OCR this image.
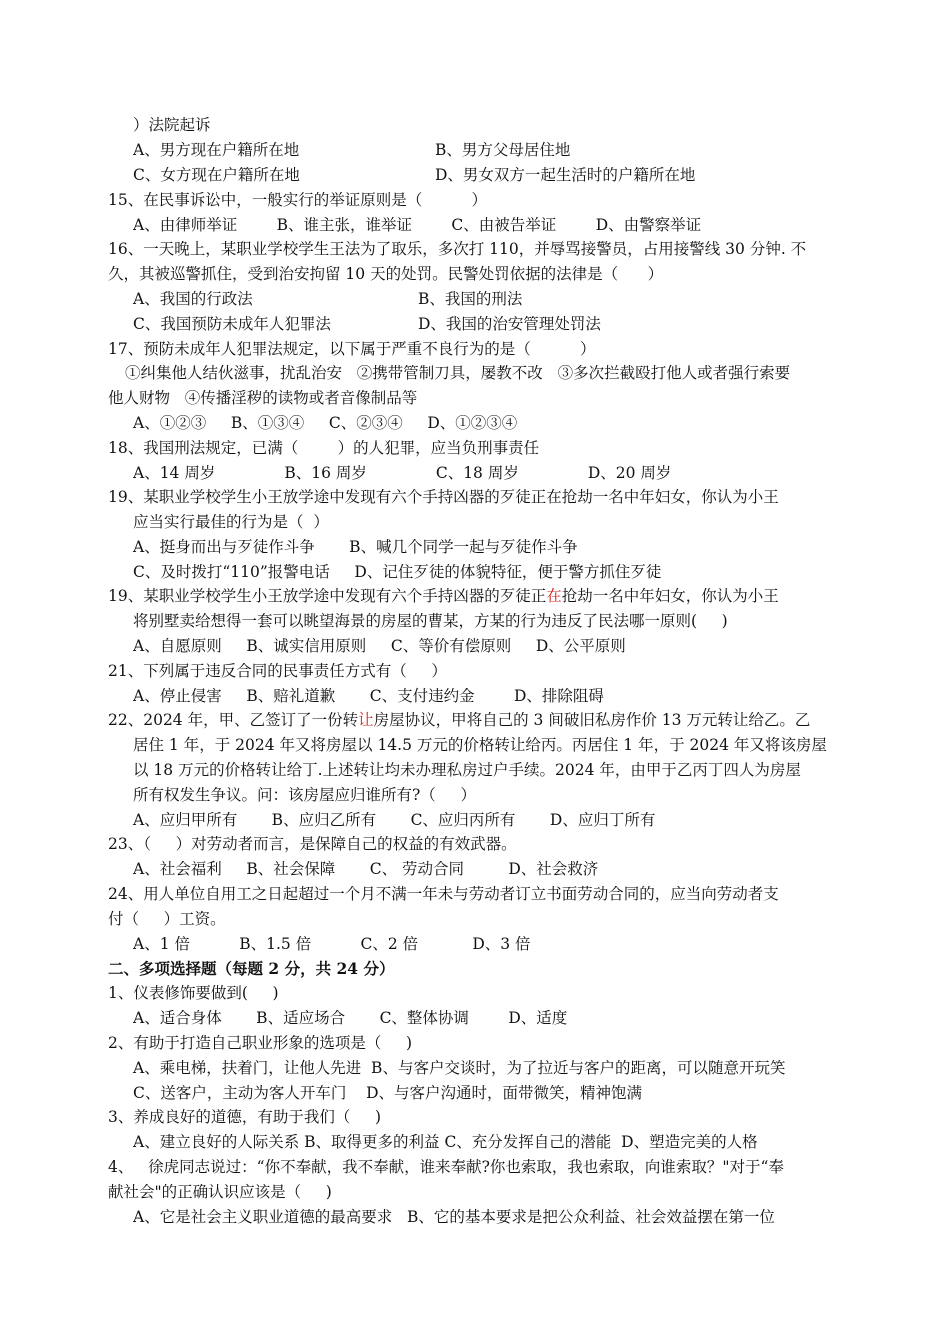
）法院起诉
A、男方现在户籍所在地	B、男方父母居住地
C、女方现在户籍所在地	D、男女双方一起生活时的户籍所在地
15、在民事诉讼中，一般实行的举证原则是（          ）
A、由律师举证        B、谁主张，谁举证        C、由被告举证        D、由警察举证
16、一天晚上，某职业学校学生王法为了取乐，多次打 110，并辱骂接警员，占用接警线 30 分钟. 不
久，其被巡警抓住，受到治安拘留 10 天的处罚。民警处罚依据的法律是（      ）
A、我国的行政法	B、我国的刑法
C、我国预防未成年人犯罪法	D、我国的治安管理处罚法
17、预防未成年人犯罪法规定，以下属于严重不良行为的是（          ）
①纠集他人结伙滋事，扰乱治安   ②携带管制刀具，屡教不改   ③多次拦截殴打他人或者强行索要
他人财物   ④传播淫秽的读物或者音像制品等
A、①②③     B、①③④     C、②③④     D、①②③④
18、我国刑法规定，已满（        ）的人犯罪，应当负刑事责任
A、14 周岁              B、16 周岁              C、18 周岁              D、20 周岁
19、某职业学校学生小王放学途中发现有六个手持凶器的歹徒正在抢劫一名中年妇女，你认为小王
应当实行最佳的行为是（  ）
A、挺身而出与歹徒作斗争       B、喊几个同学一起与歹徒作斗争
C、及时拨打“110”报警电话     D、记住歹徒的体貌特征，便于警方抓住歹徒
19、某职业学校学生小王放学途中发现有六个手持凶器的歹徒正在抢劫一名中年妇女，你认为小王
将别墅卖给想得一套可以眺望海景的房屋的曹某，方某的行为违反了民法哪一原则(     )
A、自愿原则     B、诚实信用原则     C、等价有偿原则     D、公平原则
21、下列属于违反合同的民事责任方式有（     ）
A、停止侵害     B、赔礼道歉       C、支付违约金        D、排除阻碍
22、2024 年，甲、乙签订了一份转让房屋协议，甲将自己的 3 间破旧私房作价 13 万元转让给乙。乙
居住 1 年，于 2024 年又将房屋以 14.5 万元的价格转让给丙。丙居住 1 年，于 2024 年又将该房屋
以 18 万元的价格转让给丁.上述转让均未办理私房过户手续。2024 年，由甲于乙丙丁四人为房屋
所有权发生争议。问：该房屋应归谁所有?（     ）
A、应归甲所有       B、应归乙所有       C、应归丙所有       D、应归丁所有
23、（     ）对劳动者而言，是保障自己的权益的有效武器。
A、社会福利     B、社会保障       C、 劳动合同         D、社会救济
24、用人单位自用工之日起超过一个月不满一年未与劳动者订立书面劳动合同的，应当向劳动者支
付（     ）工资。
A、1 倍          B、1.5 倍          C、2 倍           D、3 倍
二、多项选择题（每题 2 分，共 24 分）
1、仪表修饰要做到(     )
A、适合身体       B、适应场合       C、整体协调        D、适度
2、有助于打造自己职业形象的选项是（     )
A、乘电梯，扶着门，让他人先进  B、与客户交谈时，为了拉近与客户的距离，可以随意开玩笑
C、送客户，主动为客人开车门    D、与客户沟通时，面带微笑，精神饱满
3、养成良好的道德，有助于我们（     )
A、建立良好的人际关系 B、取得更多的利益 C、充分发挥自己的潜能  D、塑造完美的人格
4、   徐虎同志说过：“你不奉献，我不奉献，谁来奉献?你也索取，我也索取，向谁索取？"对于“奉
献社会"的正确认识应该是（     )
A、它是社会主义职业道德的最高要求   B、它的基本要求是把公众利益、社会效益摆在第一位
